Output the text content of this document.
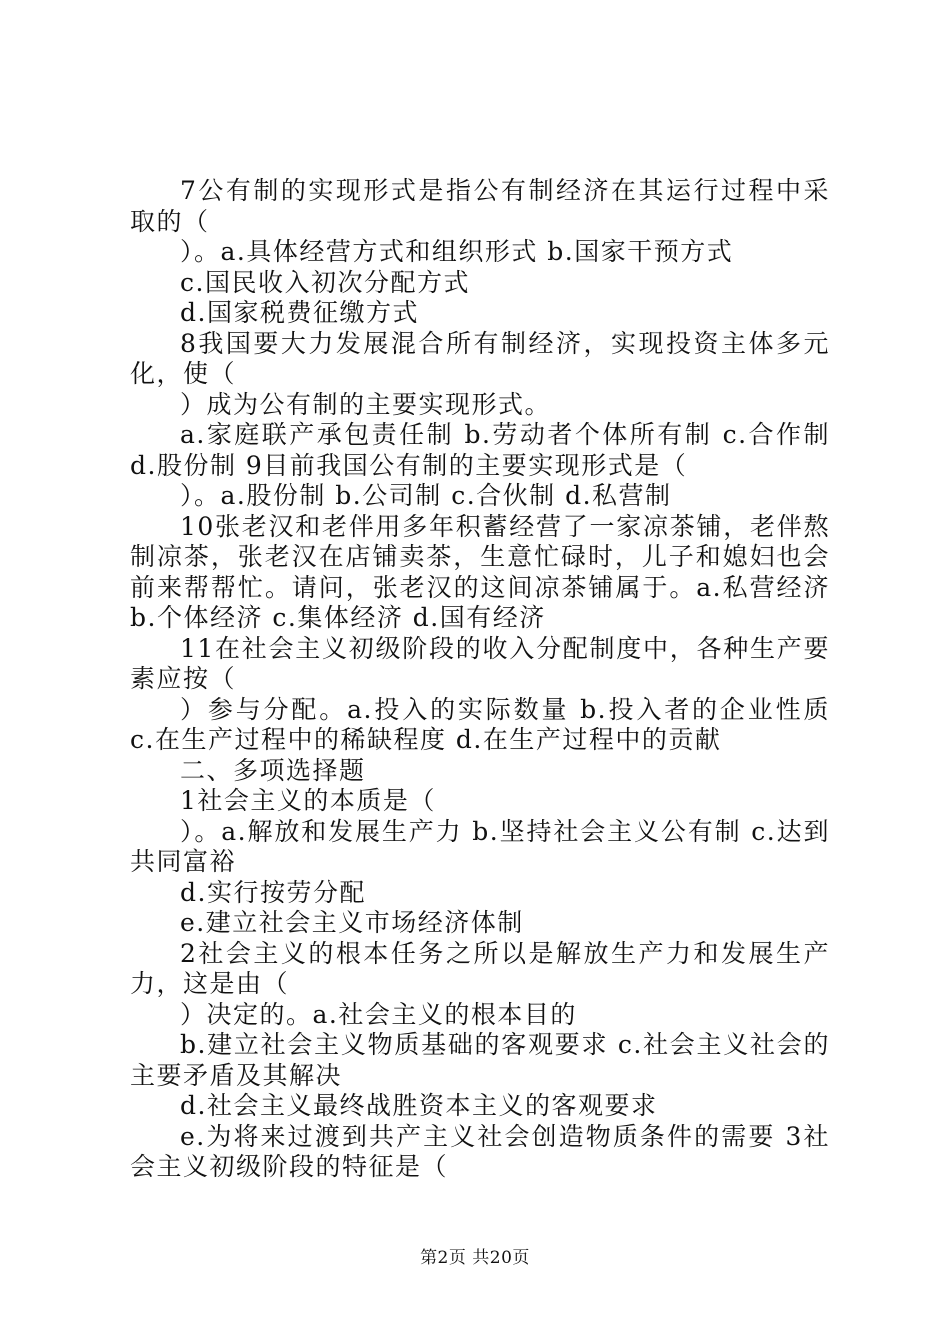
7公有制的实现形式是指公有制经济在其运行过程中采取的（

）。a.具体经营方式和组织形式 b.国家干预方式

c.国民收入初次分配方式

d.国家税费征缴方式

8我国要大力发展混合所有制经济，实现投资主体多元化，使（

）成为公有制的主要实现形式。

a.家庭联产承包责任制 b.劳动者个体所有制 c.合作制 d.股份制 9目前我国公有制的主要实现形式是（

）。a.股份制 b.公司制 c.合伙制 d.私营制

10张老汉和老伴用多年积蓄经营了一家凉茶铺，老伴熬制凉茶，张老汉在店铺卖茶，生意忙碌时，儿子和媳妇也会前来帮帮忙。请问，张老汉的这间凉茶铺属于。a.私营经济 b.个体经济 c.集体经济 d.国有经济

11在社会主义初级阶段的收入分配制度中，各种生产要素应按（

）参与分配。a.投入的实际数量 b.投入者的企业性质 c.在生产过程中的稀缺程度 d.在生产过程中的贡献

二、多项选择题

1社会主义的本质是（

）。a.解放和发展生产力 b.坚持社会主义公有制 c.达到共同富裕

d.实行按劳分配

e.建立社会主义市场经济体制

2社会主义的根本任务之所以是解放生产力和发展生产力，这是由（

）决定的。a.社会主义的根本目的

b.建立社会主义物质基础的客观要求 c.社会主义社会的主要矛盾及其解决

d.社会主义最终战胜资本主义的客观要求

e.为将来过渡到共产主义社会创造物质条件的需要 3社会主义初级阶段的特征是（

第2页 共20页
